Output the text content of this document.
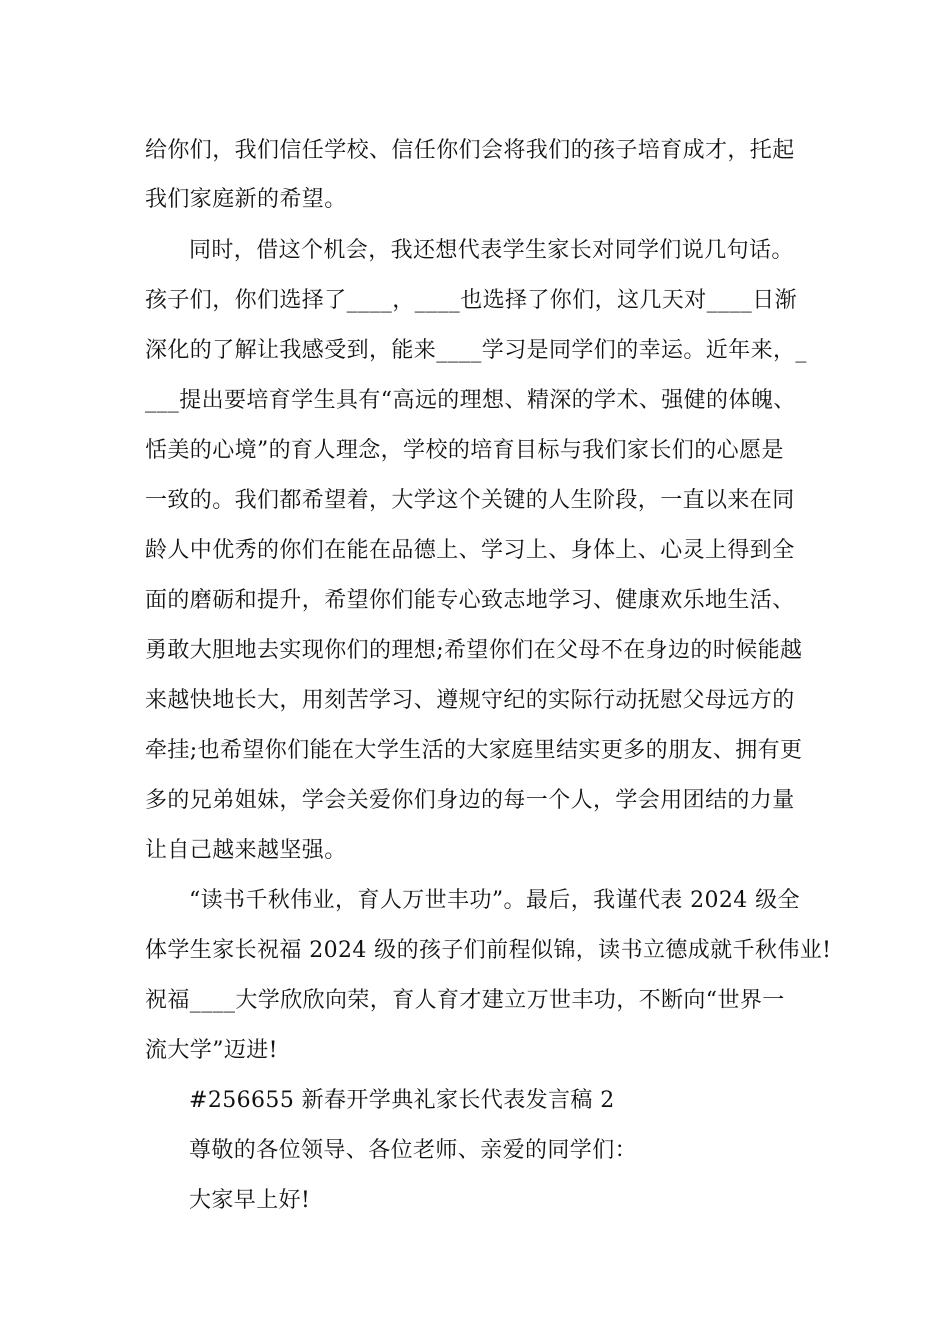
给你们，我们信任学校、信任你们会将我们的孩子培育成才，托起
我们家庭新的希望。
同时，借这个机会，我还想代表学生家长对同学们说几句话。
孩子们，你们选择了____，____也选择了你们，这几天对____日渐
深化的了解让我感受到，能来____学习是同学们的幸运。近年来，_
___提出要培育学生具有“高远的理想、精深的学术、强健的体魄、
恬美的心境”的育人理念，学校的培育目标与我们家长们的心愿是
一致的。我们都希望着，大学这个关键的人生阶段，一直以来在同
龄人中优秀的你们在能在品德上、学习上、身体上、心灵上得到全
面的磨砺和提升，希望你们能专心致志地学习、健康欢乐地生活、
勇敢大胆地去实现你们的理想;希望你们在父母不在身边的时候能越
来越快地长大，用刻苦学习、遵规守纪的实际行动抚慰父母远方的
牵挂;也希望你们能在大学生活的大家庭里结实更多的朋友、拥有更
多的兄弟姐妹，学会关爱你们身边的每一个人，学会用团结的力量
让自己越来越坚强。
“读书千秋伟业，育人万世丰功”。最后，我谨代表 2024 级全
体学生家长祝福 2024 级的孩子们前程似锦，读书立德成就千秋伟业!
祝福____大学欣欣向荣，育人育才建立万世丰功，不断向“世界一
流大学”迈进!
#256655 新春开学典礼家长代表发言稿 2
尊敬的各位领导、各位老师、亲爱的同学们：
大家早上好!
